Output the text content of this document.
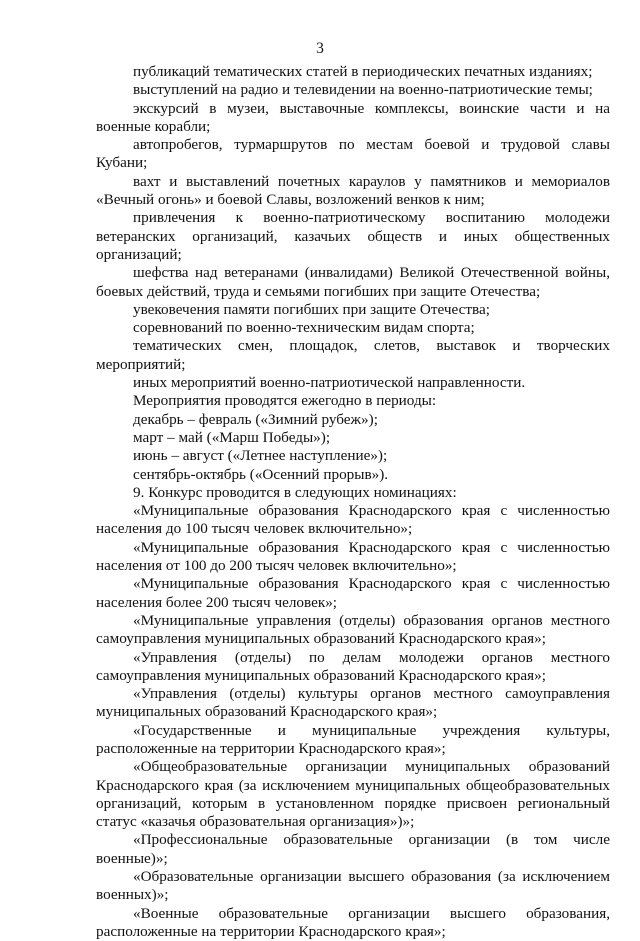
3

публикаций тематических статей в периодических печатных изданиях;

выступлений на радио и телевидении на военно-патриотические темы;

экскурсий в музеи, выставочные комплексы, воинские части и на военные корабли;

автопробегов, турмаршрутов по местам боевой и трудовой славы Кубани;

вахт и выставлений почетных караулов у памятников и мемориалов «Вечный огонь» и боевой Славы, возложений венков к ним;

привлечения к военно-патриотическому воспитанию молодежи ветеранских организаций, казачьих обществ и иных общественных организаций;

шефства над ветеранами (инвалидами) Великой Отечественной войны, боевых действий, труда и семьями погибших при защите Отечества;

увековечения памяти погибших при защите Отечества;

соревнований по военно-техническим видам спорта;

тематических смен, площадок, слетов, выставок и творческих мероприятий;

иных мероприятий военно-патриотической направленности.

Мероприятия проводятся ежегодно в периоды:

декабрь – февраль («Зимний рубеж»);

март – май («Марш Победы»);

июнь – август («Летнее наступление»);

сентябрь-октябрь («Осенний прорыв»).

9. Конкурс проводится в следующих номинациях:

«Муниципальные образования Краснодарского края с численностью населения до 100 тысяч человек включительно»;

«Муниципальные образования Краснодарского края с численностью населения от 100 до 200 тысяч человек включительно»;

«Муниципальные образования Краснодарского края с численностью населения более 200 тысяч человек»;

«Муниципальные управления (отделы) образования органов местного самоуправления муниципальных образований Краснодарского края»;

«Управления (отделы) по делам молодежи органов местного самоуправления муниципальных образований Краснодарского края»;

«Управления (отделы) культуры органов местного самоуправления муниципальных образований Краснодарского края»;

«Государственные и муниципальные учреждения культуры, расположенные на территории Краснодарского края»;

«Общеобразовательные организации муниципальных образований Краснодарского края (за исключением муниципальных общеобразовательных организаций, которым в установленном порядке присвоен региональный статус «казачья образовательная организация»)»;

«Профессиональные образовательные организации (в том числе военные)»;

«Образовательные организации высшего образования (за исключением военных)»;

«Военные образовательные организации высшего образования, расположенные на территории Краснодарского края»;
